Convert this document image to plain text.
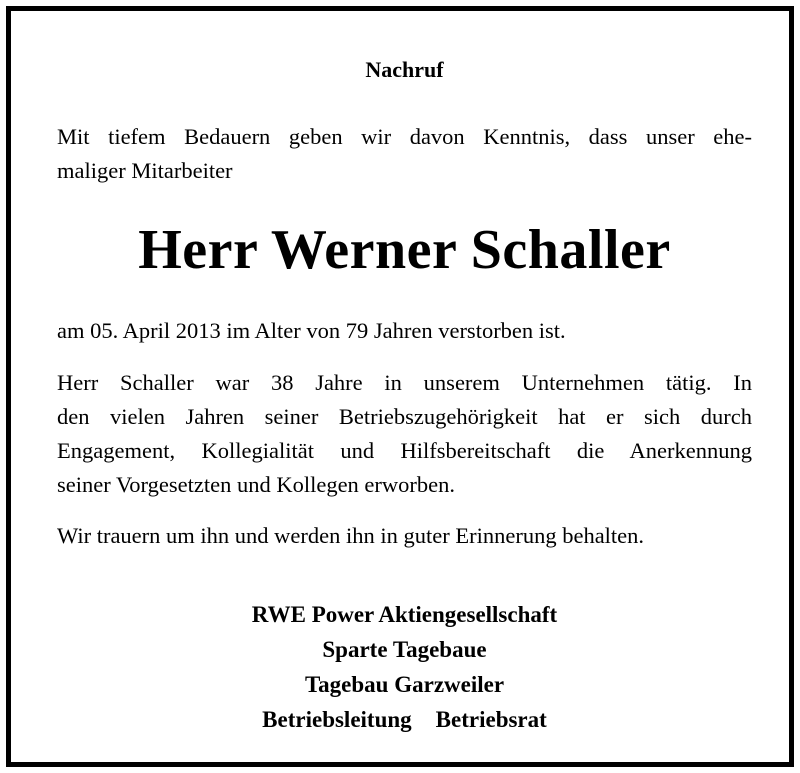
Nachruf

Mit tiefem Bedauern geben wir davon Kenntnis, dass unser ehe-
maliger Mitarbeiter

Herr Werner Schaller

am 05. April 2013 im Alter von 79 Jahren verstorben ist.

Herr Schaller war 38 Jahre in unserem Unternehmen tätig. In
den vielen Jahren seiner Betriebszugehörigkeit hat er sich durch
Engagement, Kollegialität und Hilfsbereitschaft die Anerkennung
seiner Vorgesetzten und Kollegen erworben.

Wir trauern um ihn und werden ihn in guter Erinnerung behalten.

RWE Power Aktiengesellschaft
Sparte Tagebaue
Tagebau Garzweiler
Betriebsleitung Betriebsrat
